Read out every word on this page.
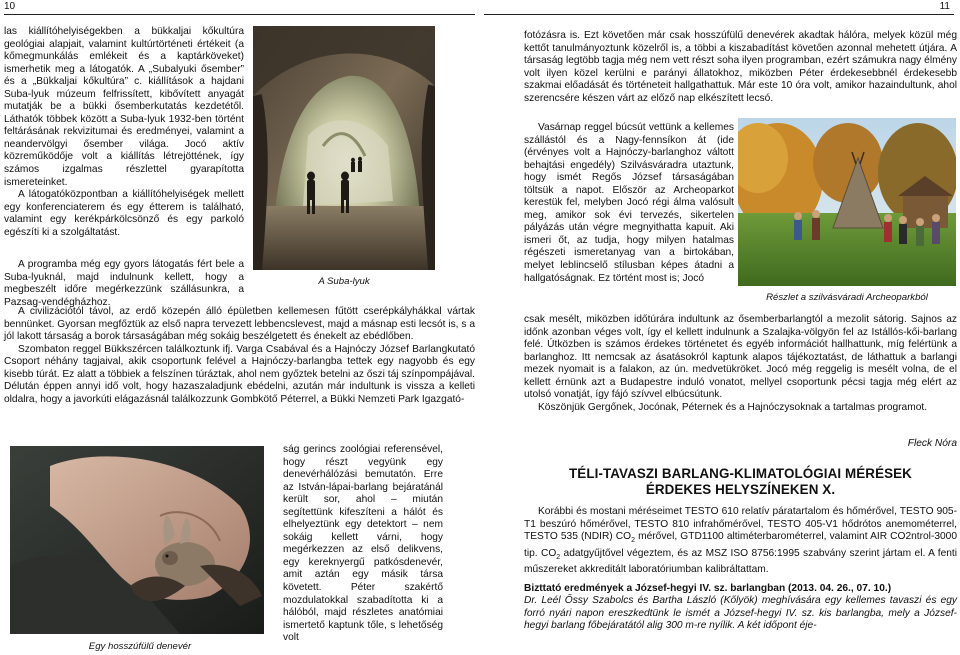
10

las kiállítóhelyiségekben a bükkaljai kőkultúra geológiai alapjait, valamint kultúrtörténeti értékeit (a kőmegmunkálás emlékeit és a kaptárköveket) ismerhetik meg a látogatók. A „Subalyuki ősember” és a „Bükkaljai kőkultúra” c. kiállítások a hajdani Suba-lyuk múzeum felfrissített, kibővített anyagát mutatják be a bükki ősemberkutatás kezdetétől. Láthatók többek között a Suba-lyuk 1932-ben történt feltárásának rekvizitumai és eredményei, valamint a neandervölgyi ősember világa. Jocó aktív közreműködője volt a kiállítás létrejöttének, így számos izgalmas részlettel gyarapította ismereteinket.

A látogatóközpontban a kiállítóhelyiségek mellett egy konferenciaterem és egy étterem is található, valamint egy kerékpárkölcsönző és egy parkoló egészíti ki a szolgáltatást.

A programba még egy gyors látogatás fért bele a Suba-lyuknál, majd indulnunk kellett, hogy a megbeszélt időre megérkezzünk szállásunkra, a Pazsag-vendégházhoz.

A Suba-lyuk

A civilizációtól távol, az erdő közepén álló épületben kellemesen fűtött cserépkályhákkal vártak bennünket. Gyorsan megfőztük az első napra tervezett lebbencslevest, majd a másnap esti lecsót is, s a jól lakott társaság a borok társaságában még sokáig beszélgetett és énekelt az ebédlőben.

Szombaton reggel Bükkszércen találkoztunk ifj. Varga Csabával és a Hajnóczy József Barlangkutató Csoport néhány tagjaival, akik csoportunk felével a Hajnóczy-barlangba tettek egy nagyobb és egy kisebb túrát. Ez alatt a többiek a felszínen túráztak, ahol nem győztek betelni az őszi táj színpompájával. Délután éppen annyi idő volt, hogy hazaszaladjunk ebédelni, azután már indultunk is vissza a kelleti oldalra, hogy a javorkúti elágazásnál találkozzunk Gombkötő Péterrel, a Bükki Nemzeti Park Igazgató-

Egy hosszúfülű denevér

ság gerincs zoológiai referensével, hogy részt vegyünk egy denevérhálózási bemutatón. Erre az István-lápai-barlang bejáratánál került sor, ahol – miután segítettünk kifeszíteni a hálót és elhelyeztünk egy detektort – nem sokáig kellett várni, hogy megérkezzen az első delikvens, egy kereknyergű patkósdenevér, amit aztán egy másik társa követett. Péter szakértő mozdulatokkal szabadította ki a hálóból, majd részletes anatómiai ismertető kaptunk tőle, s lehetőség volt

11

fotózásra is. Ezt követően már csak hosszúfülű denevérek akadtak hálóra, melyek közül még kettőt tanulmányoztunk közelről is, a többi a kiszabadítást követően azonnal mehetett útjára. A társaság legtöbb tagja még nem vett részt soha ilyen programban, ezért számukra nagy élmény volt ilyen közel kerülni e parányi állatokhoz, miközben Péter érdekesebbnél érdekesebb szakmai előadását és történeteit hallgathattuk. Már este 10 óra volt, amikor hazaindultunk, ahol szerencsére készen várt az előző nap elkészített lecsó.

Vasárnap reggel búcsút vettünk a kellemes szállástól és a Nagy-fennsíkon át (ide (érvényes volt a Hajnóczy-barlanghoz váltott behajtási engedély) Szilvásváradra utaztunk, hogy ismét Regős József társaságában töltsük a napot. Először az Archeoparkot kerestük fel, melyben Jocó régi álma valósult meg, amikor sok évi tervezés, sikertelen pályázás után végre megnyithatta kapuit. Aki ismeri őt, az tudja, hogy milyen hatalmas régészeti ismeretanyag van a birtokában, melyet leblincselő stílusban képes átadni a hallgatóságnak. Ez történt most is; Jocó

Részlet a szilvásváradi Archeoparkból

csak mesélt, miközben időtúrára indultunk az ősemberbarlangtól a mezolit sátorig. Sajnos az időnk azonban véges volt, így el kellett indulnunk a Szalajka-völgyön fel az Istállós-kői-barlang felé. Útközben is számos érdekes történetet és egyéb információt hallhattunk, míg felértünk a barlanghoz. Itt nemcsak az ásatásokról kaptunk alapos tájékoztatást, de láthattuk a barlangi mezek nyomait is a falakon, az ún. medvetükröket. Jocó még reggelig is mesélt volna, de el kellett érnünk azt a Budapestre induló vonatot, mellyel csoportunk pécsi tagja még elért az utolsó vonatját, így fájó szívvel elbúcsútunk.

Köszönjük Gergőnek, Jocónak, Péternek és a Hajnóczysoknak a tartalmas programot.

Fleck Nóra
TÉLI-TAVASZI BARLANG-KLIMATOLÓGIAI MÉRÉSEK
ÉRDEKES HELYSZÍNEKEN X.

Korábbi és mostani méréseimet TESTO 610 relatív páratartalom és hőmérővel, TESTO 905-T1 beszúró hőmérővel, TESTO 810 infrahőmérővel, TESTO 405-V1 hődrótos anemométerrel, TESTO 535 (NDIR) $CO_2$ mérővel, GTD1100 altiméterbarométerrel, valamint AIR CO2ntrol-3000 tip. $CO_2$ adatgyűjtővel végeztem, és az MSZ ISO 8756:1995 szabvány szerint jártam el. A fenti műszereket akkreditált laboratóriumban kalibráltattam.

Bizttató eredmények a József-hegyi IV. sz. barlangban (2013. 04. 26., 07. 10.)

Dr. Leél Őssy Szabolcs és Bartha László (Kőlyök) meghívására egy kellemes tavaszi és egy forró nyári napon ereszkedtünk le ismét a József-hegyi IV. sz. kis barlangba, mely a József-hegyi barlang főbejáratától alig 300 m-re nyílik. A két időpont éje-
